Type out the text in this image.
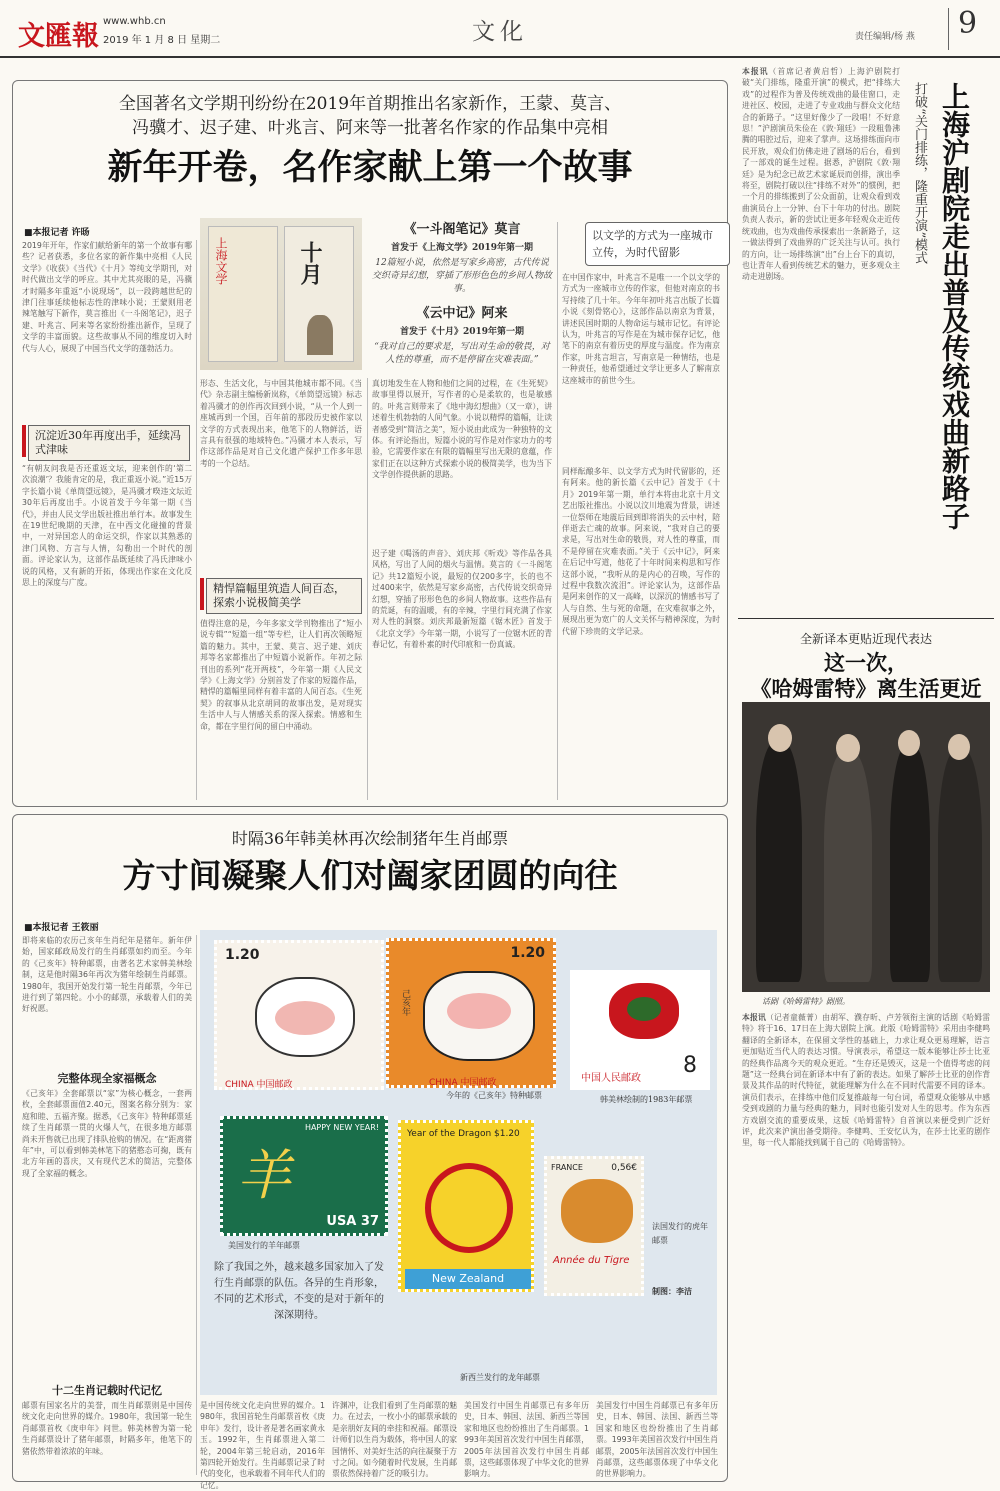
文匯報 www.whb.cn
2019 年 1 月 8 日 星期二	文化	责任编辑/杨 燕 9
全国著名文学期刊纷纷在2019年首期推出名家新作，王蒙、莫言、
冯骥才、迟子建、叶兆言、阿来等一批著名作家的作品集中亮相
新年开卷，名作家献上第一个故事
■本报记者 许旸
2019年开年，作家们献给新年的第一个故事有哪些？记者获悉，多位名家的新作集中亮相《人民文学》《收获》《当代》《十月》等纯文学期刊，对时代做出文学的呼应。其中尤其亮眼的是，冯骥才时隔多年重返“小说现场”，以一段跨越世纪的津门往事延续他标志性的津味小说；王蒙则用老辣笔触写下新作，莫言推出《一斗阁笔记》，迟子建、叶兆言、阿来等名家纷纷推出新作，呈现了文学的丰富面貌。这些故事从不同的维度切入时代与人心，展现了中国当代文学的蓬勃活力。
沉淀近30年再度出手，延续冯式津味
“有朝友问我是否还重返文坛，迎来创作的‘第二次浪潮’？我能肯定的是，我正重返小说。”近15万字长篇小说《单筒望远镜》，是冯骥才暌违文坛近30年后再度出手。小说首发于今年第一期《当代》，并由人民文学出版社推出单行本。故事发生在19世纪晚期的天津，在中西文化碰撞的背景中，一对异国恋人的命运交织，作家以其熟悉的津门风物、方言与人情，勾勒出一个时代的剖面。评论家认为，这部作品既延续了冯氏津味小说的风格，又有新的开拓，体现出作家在文化反思上的深度与广度。
上海文学	十月
《一斗阁笔记》莫言
首发于《上海文学》2019年第一期
12篇短小说，依然是写家乡高密，古代传说交织奇异幻想，穿插了形形色色的乡间人物故事。
《云中记》阿来
首发于《十月》2019年第一期
“我对自己的要求是，写出对生命的敬畏，对人性的尊重，而不是停留在灾难表面。”
以文学的方式为一座城市立传，为时代留影
形态、生活文化，与中国其他城市都不同。《当代》杂志副主编杨新岚称，《单筒望远镜》标志着冯骥才的创作再次回到小说，“从一个人到一座城再到一个国，百年前的那段历史被作家以文学的方式表现出来，他笔下的人物鲜活，语言具有很强的地域特色。”冯骥才本人表示，写作这部作品是对自己文化遗产保护工作多年思考的一个总结。
精悍篇幅里筑造人间百态，探索小说极简美学
值得注意的是，今年多家文学刊物推出了“短小说专辑”“短篇一组”等专栏，让人们再次领略短篇的魅力。其中，王蒙、莫言、迟子建、刘庆邦等名家都推出了中短篇小说新作。年初之际刊出的系列“花开两枝”，今年第一期《人民文学》《上海文学》分别首发了作家的短篇作品，精悍的篇幅里同样有着丰富的人间百态。《生死契》的叙事从北京胡同的故事出发，是对现实生活中人与人情感关系的深入探索。情感和生命，都在字里行间的留白中涌动。
真切地发生在人物和他们之间的过程，在《生死契》故事里得以展开，写作者的心是柔软的，也是敏感的。叶兆言则带来了《地中海幻想曲》（又一章），讲述着生机勃勃的人间气象。小说以精悍的篇幅，让读者感受到“简洁之美”，短小说由此成为一种独特的文体。有评论指出，短篇小说的写作是对作家功力的考验，它需要作家在有限的篇幅里写出无限的意蕴，作家们正在以这种方式探索小说的极简美学，也为当下文学创作提供新的思路。
迟子建《喝汤的声音》、刘庆邦《听戏》等作品各具风格，写出了人间的烟火与温情。莫言的《一斗阁笔记》共12篇短小说，最短的仅200多字，长的也不过400来字，依然是写家乡高密，古代传说交织奇异幻想，穿插了形形色色的乡间人物故事。这些作品有的荒诞，有的温暖，有的辛辣，字里行间充满了作家对人性的洞察。刘庆邦最新短篇《锯木匠》首发于《北京文学》今年第一期，小说写了一位锯木匠的青春记忆，有着朴素的时代印痕和一份真诚。
在中国作家中，叶兆言不是唯一一个以文学的方式为一座城市立传的作家，但他对南京的书写持续了几十年。今年年初叶兆言出版了长篇小说《刻骨铭心》，这部作品以南京为背景，讲述民国时期的人物命运与城市记忆。有评论认为，叶兆言的写作是在为城市保存记忆，他笔下的南京有着历史的厚度与温度。作为南京作家，叶兆言坦言，写南京是一种情结，也是一种责任，他希望通过文学让更多人了解南京这座城市的前世今生。
同样酝酿多年、以文学方式为时代留影的，还有阿来。他的新长篇《云中记》首发于《十月》2019年第一期，单行本将由北京十月文艺出版社推出。小说以汶川地震为背景，讲述一位祭师在地震后回到即将消失的云中村，陪伴逝去亡魂的故事。阿来说，“我对自己的要求是，写出对生命的敬畏，对人性的尊重，而不是停留在灾难表面。”关于《云中记》，阿来在后记中写道，他花了十年时间来构思和写作这部小说，“我听从的是内心的召唤，写作的过程中我数次流泪”。评论家认为，这部作品是阿来创作的又一高峰，以深沉的情感书写了人与自然、生与死的命题，在灾难叙事之外，展现出更为宽广的人文关怀与精神深度，为时代留下珍贵的文学记录。
时隔36年韩美林再次绘制猪年生肖邮票
方寸间凝聚人们对阖家团圆的向往
■本报记者 王筱丽
即将来临的农历己亥年生肖纪年是猪年。新年伊始，国家邮政局发行的生肖邮票如约而至。今年的《己亥年》特种邮票，由著名艺术家韩美林绘制，这是他时隔36年再次为猪年绘制生肖邮票。1980年，我国开始发行第一轮生肖邮票，今年已进行到了第四轮。小小的邮票，承载着人们的美好祝愿。
完整体现全家福概念
《己亥年》全套邮票以“家”为核心概念，一套两枚，全套邮票面值2.40元，图案名称分别为：家庭和睦、五福齐聚。据悉，《己亥年》特种邮票延续了生肖邮票一贯的火爆人气，在很多地方邮票尚未开售就已出现了排队抢购的情况。在“距离猪年”中，可以看到韩美林笔下的猪憨态可掬，既有北方年画的喜庆，又有现代艺术的简洁，完整体现了全家福的概念。
十二生肖记载时代记忆
邮票有国家名片的美誉，而生肖邮票则是中国传统文化走向世界的媒介。1980年，我国第一轮生肖邮票首枚《庚申年》问世。韩美林曾为第一轮生肖邮票设计了猪年邮票，时隔多年，他笔下的猪依然带着浓浓的年味。
1.20
CHINA 中国邮政
1.20
己亥年
CHINA 中国邮政	中国人民邮政
8
今年的《己亥年》特种邮票	韩美林绘制的1983年邮票
HAPPY NEW YEAR!
羊
USA 37
美国发行的羊年邮票
Year of the Dragon $1.20
New Zealand
新西兰发行的龙年邮票
FRANCE	0,56€
Année du Tigre
法国发行的虎年邮票
制图：李洁
除了我国之外，越来越多国家加入了发行生肖邮票的队伍。各异的生肖形象，不同的艺术形式，不变的是对于新年的深深期待。
是中国传统文化走向世界的媒介。1980年，我国首轮生肖邮票首枚《庚申年》发行，设计者是著名画家黄永玉。1992年，生肖邮票进入第二轮，2004年第三轮启动，2016年第四轮开始发行。生肖邮票记录了时代的变化，也承载着不同年代人们的记忆。
许渊冲，让我们看到了生肖邮票的魅力。在过去，一枚小小的邮票承载的是亲朋好友间的牵挂和祝福。邮票设计师们以生肖为载体，将中国人的家国情怀、对美好生活的向往凝聚于方寸之间。如今随着时代发展，生肖邮票依然保持着广泛的吸引力。
美国发行中国生肖邮票已有多年历史，日本、韩国、法国、新西兰等国家和地区也纷纷推出了生肖邮票。1993年美国首次发行中国生肖邮票，2005年法国首次发行中国生肖邮票，这些邮票体现了中华文化的世界影响力。
美国发行中国生肖邮票已有多年历史，日本、韩国、法国、新西兰等国家和地区也纷纷推出了生肖邮票。1993年美国首次发行中国生肖邮票，2005年法国首次发行中国生肖邮票，这些邮票体现了中华文化的世界影响力。
上海沪剧院走出普及传统戏曲新路子
打破“关门排练，隆重开演”模式
本报讯（首席记者黄启哲）上海沪剧院打破“关门排练，隆重开演”的模式，把“排练大戏”的过程作为普及传统戏曲的最佳窗口，走进社区、校园，走进了专业戏曲与群众文化结合的新路子。“这里好像少了一段唱！不好意思！”沪剧演员朱俭在《敦·翔廷》一段粗鲁沸腾的唱腔过后，迎来了掌声。这场排练面向市民开放，观众们仿佛走进了剧场的后台，看到了一部戏的诞生过程。据悉，沪剧院《敦·翔廷》是为纪念已故艺术家诞辰而创排，演出季将至，剧院打破以往“排练不对外”的惯例，把一个月的排练搬到了公众面前，让观众看到戏曲演员台上一分钟、台下十年功的付出。剧院负责人表示，新的尝试让更多年轻观众走近传统戏曲，也为戏曲传承探索出一条新路子，这一做法得到了戏曲界的广泛关注与认可。执行的方向，让一场排练演“出”台上台下的真切，也让青年人看到传统艺术的魅力，更多观众主动走进剧场。
全新译本更贴近现代表达
这一次，
《哈姆雷特》离生活更近
话剧《哈姆雷特》剧照。
本报讯（记者童薇菁）由胡军、濮存昕、卢芳领衔主演的话剧《哈姆雷特》将于16、17日在上海大剧院上演。此版《哈姆雷特》采用由李健鸣翻译的全新译本，在保留文学性的基础上，力求让观众更易理解，语言更加贴近当代人的表达习惯。导演表示，希望这一版本能够让莎士比亚的经典作品离今天的观众更近。“生存还是毁灭，这是一个值得考虑的问题”这一经典台词在新译本中有了新的表达。如果了解莎士比亚的创作背景及其作品的时代特征，就能理解为什么在不同时代需要不同的译本。演员们表示，在排练中他们反复推敲每一句台词，希望观众能够从中感受到戏剧的力量与经典的魅力，同时也能引发对人生的思考。作为东西方戏剧交流的重要成果，这版《哈姆雷特》自首演以来便受到广泛好评，此次来沪演出备受期待。李健鸣、王安忆认为，在莎士比亚的剧作里，每一代人都能找到属于自己的《哈姆雷特》。
